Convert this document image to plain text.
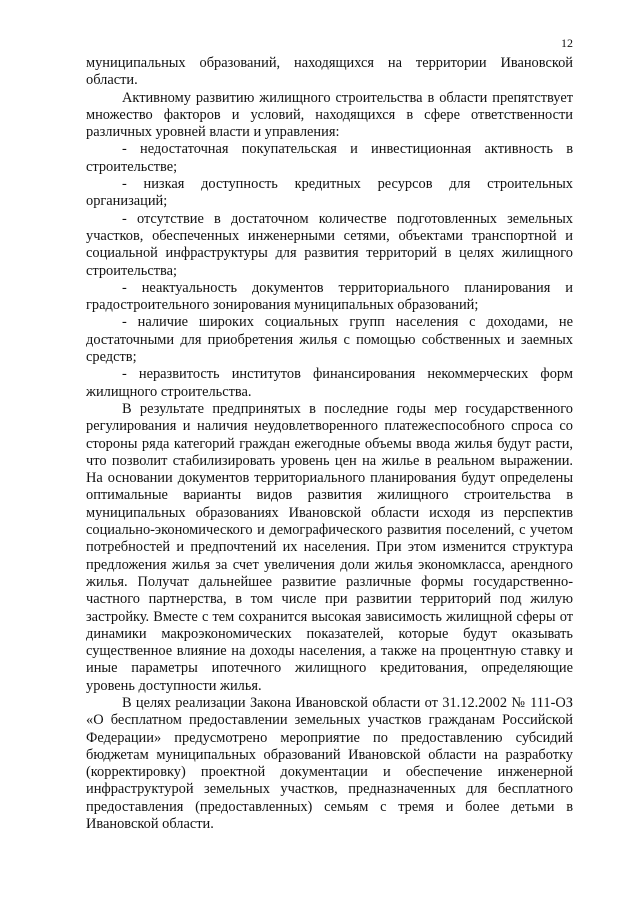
12

муниципальных образований, находящихся на территории Ивановской области.

Активному развитию жилищного строительства в области препятствует множество факторов и условий, находящихся в сфере ответственности различных уровней власти и управления:

- недостаточная покупательская и инвестиционная активность в строительстве;

- низкая доступность кредитных ресурсов для строительных организаций;

- отсутствие в достаточном количестве подготовленных земельных участков, обеспеченных инженерными сетями, объектами транспортной и социальной инфраструктуры для развития территорий в целях жилищного строительства;

- неактуальность документов территориального планирования и градостроительного зонирования муниципальных образований;

- наличие широких социальных групп населения с доходами, не достаточными для приобретения жилья с помощью собственных и заемных средств;

- неразвитость институтов финансирования некоммерческих форм жилищного строительства.

В результате предпринятых в последние годы мер государственного регулирования и наличия неудовлетворенного платежеспособного спроса со стороны ряда категорий граждан ежегодные объемы ввода жилья будут расти, что позволит стабилизировать уровень цен на жилье в реальном выражении. На основании документов территориального планирования будут определены оптимальные варианты видов развития жилищного строительства в муниципальных образованиях Ивановской области исходя из перспектив социально-экономического и демографического развития поселений, с учетом потребностей и предпочтений их населения. При этом изменится структура предложения жилья за счет увеличения доли жилья экономкласса, арендного жилья. Получат дальнейшее развитие различные формы государственно-частного партнерства, в том числе при развитии территорий под жилую застройку. Вместе с тем сохранится высокая зависимость жилищной сферы от динамики макроэкономических показателей, которые будут оказывать существенное влияние на доходы населения, а также на процентную ставку и иные параметры ипотечного жилищного кредитования, определяющие уровень доступности жилья.

В целях реализации Закона Ивановской области от 31.12.2002 № 111-ОЗ «О бесплатном предоставлении земельных участков гражданам Российской Федерации» предусмотрено мероприятие по предоставлению субсидий бюджетам муниципальных образований Ивановской области на разработку (корректировку) проектной документации и обеспечение инженерной инфраструктурой земельных участков, предназначенных для бесплатного предоставления (предоставленных) семьям с тремя и более детьми в Ивановской области.
